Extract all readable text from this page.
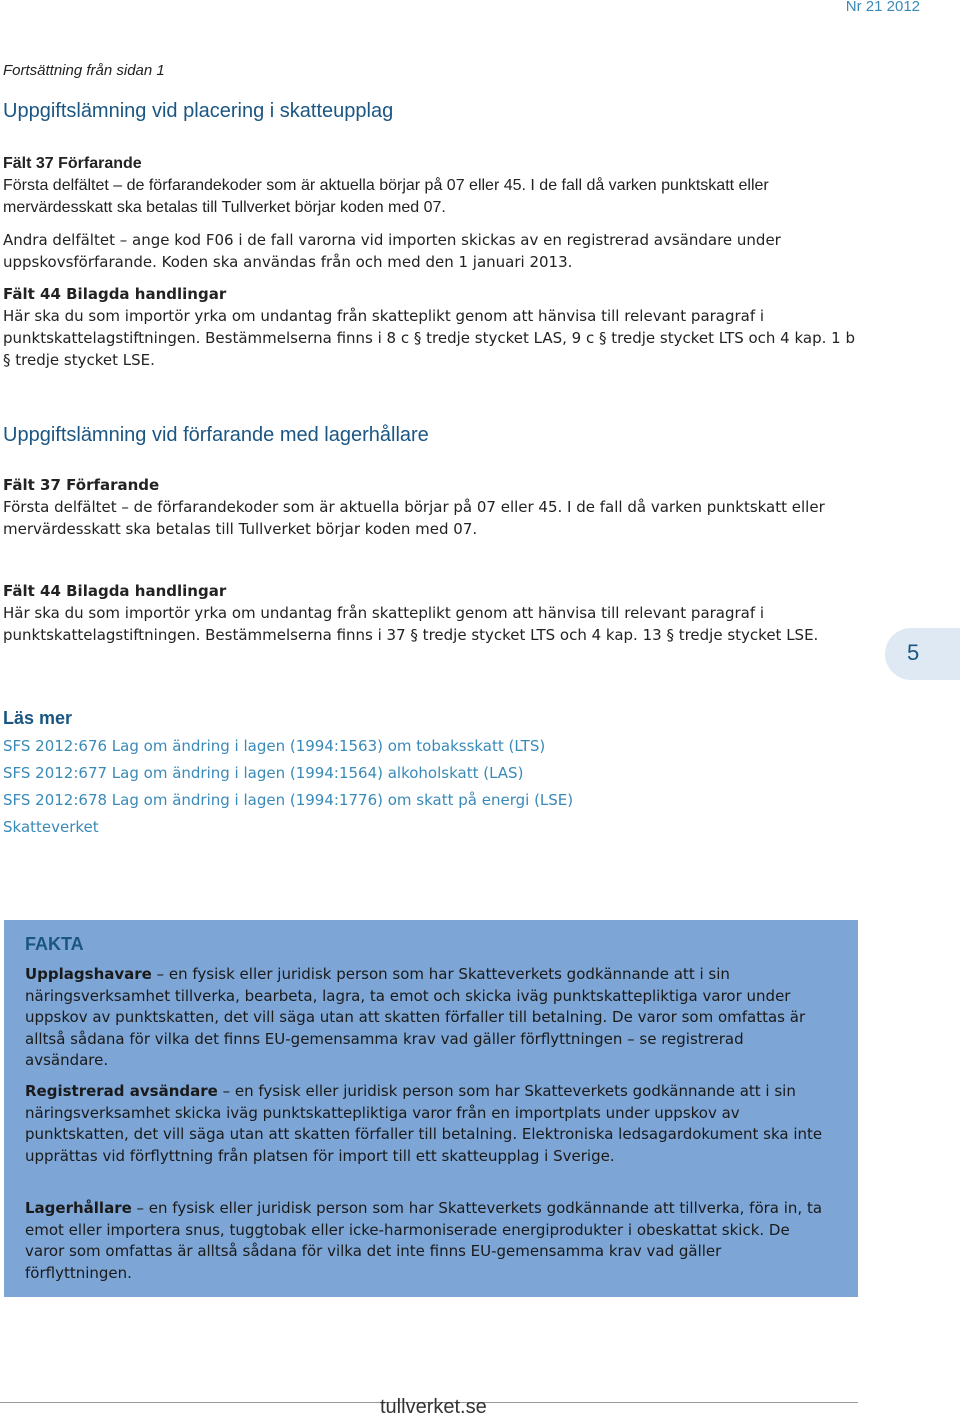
Nr 21 2012
Fortsättning från sidan 1
Uppgiftslämning vid placering i skatteupplag

Fält 37 Förfarande

Första delfältet – de förfarandekoder som är aktuella börjar på 07 eller 45. I de fall då varken punktskatt eller mervärdesskatt ska betalas till Tullverket börjar koden med 07.

Andra delfältet – ange kod F06 i de fall varorna vid importen skickas av en registrerad avsändare under uppskovsförfarande. Koden ska användas från och med den 1 januari 2013.

Fält 44 Bilagda handlingar

Här ska du som importör yrka om undantag från skatteplikt genom att hänvisa till relevant paragraf i punktskattelagstiftningen. Bestämmelserna finns i 8 c § tredje stycket LAS, 9 c § tredje stycket LTS och 4 kap. 1 b § tredje stycket LSE.

Uppgiftslämning vid förfarande med lagerhållare

Fält 37 Förfarande

Första delfältet – de förfarandekoder som är aktuella börjar på 07 eller 45. I de fall då varken punktskatt eller mervärdesskatt ska betalas till Tullverket börjar koden med 07.

Fält 44 Bilagda handlingar

Här ska du som importör yrka om undantag från skatteplikt genom att hänvisa till relevant paragraf i punktskattelagstiftningen. Bestämmelserna finns i 37 § tredje stycket LTS och 4 kap. 13 § tredje stycket LSE.

5
Läs mer
SFS 2012:676 Lag om ändring i lagen (1994:1563) om tobaksskatt (LTS)
SFS 2012:677 Lag om ändring i lagen (1994:1564) alkoholskatt (LAS)
SFS 2012:678 Lag om ändring i lagen (1994:1776) om skatt på energi (LSE)
Skatteverket
FAKTA

Upplagshavare – en fysisk eller juridisk person som har Skatteverkets godkännande att i sin näringsverksamhet tillverka, bearbeta, lagra, ta emot och skicka iväg punktskattepliktiga varor under uppskov av punktskatten, det vill säga utan att skatten förfaller till betalning. De varor som omfattas är alltså sådana för vilka det finns EU-gemensamma krav vad gäller förflyttningen – se registrerad avsändare.

Registrerad avsändare – en fysisk eller juridisk person som har Skatteverkets godkännande att i sin näringsverksamhet skicka iväg punktskattepliktiga varor från en importplats under uppskov av punktskatten, det vill säga utan att skatten förfaller till betalning. Elektroniska ledsagardokument ska inte upprättas vid förflyttning från platsen för import till ett skatteupplag i Sverige.

Lagerhållare – en fysisk eller juridisk person som har Skatteverkets godkännande att tillverka, föra in, ta emot eller importera snus, tuggtobak eller icke-harmoniserade energiprodukter i obeskattat skick. De varor som omfattas är alltså sådana för vilka det inte finns EU-gemensamma krav vad gäller förflyttningen.

tullverket.se
